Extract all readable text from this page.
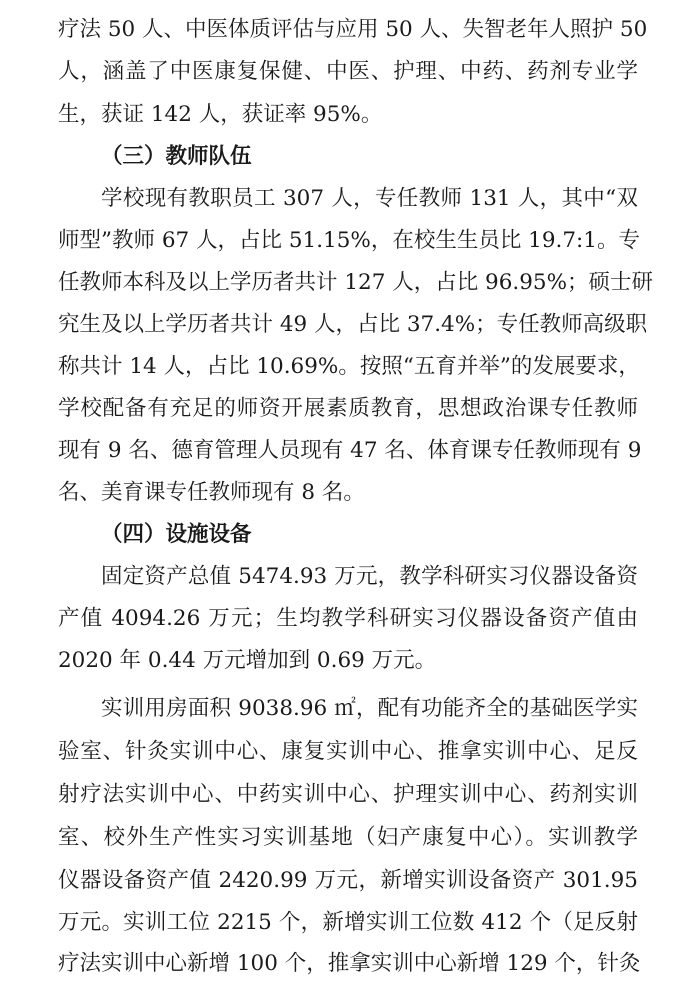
疗法 50 人、中医体质评估与应用 50 人、失智老年人照护 50
人，涵盖了中医康复保健、中医、护理、中药、药剂专业学
生，获证 142 人，获证率 95%。
（三）教师队伍
学校现有教职员工 307 人，专任教师 131 人，其中“双
师型”教师 67 人，占比 51.15%，在校生生员比 19.7:1。专
任教师本科及以上学历者共计 127 人，占比 96.95%；硕士研
究生及以上学历者共计 49 人，占比 37.4%；专任教师高级职
称共计 14 人，占比 10.69%。按照“五育并举”的发展要求，
学校配备有充足的师资开展素质教育，思想政治课专任教师
现有 9 名、德育管理人员现有 47 名、体育课专任教师现有 9
名、美育课专任教师现有 8 名。
（四）设施设备
固定资产总值 5474.93 万元，教学科研实习仪器设备资
产值 4094.26 万元；生均教学科研实习仪器设备资产值由
2020 年 0.44 万元增加到 0.69 万元。
实训用房面积 9038.96 ㎡，配有功能齐全的基础医学实
验室、针灸实训中心、康复实训中心、推拿实训中心、足反
射疗法实训中心、中药实训中心、护理实训中心、药剂实训
室、校外生产性实习实训基地（妇产康复中心）。实训教学
仪器设备资产值 2420.99 万元，新增实训设备资产 301.95
万元。实训工位 2215 个，新增实训工位数 412 个（足反射
疗法实训中心新增 100 个，推拿实训中心新增 129 个，针灸
